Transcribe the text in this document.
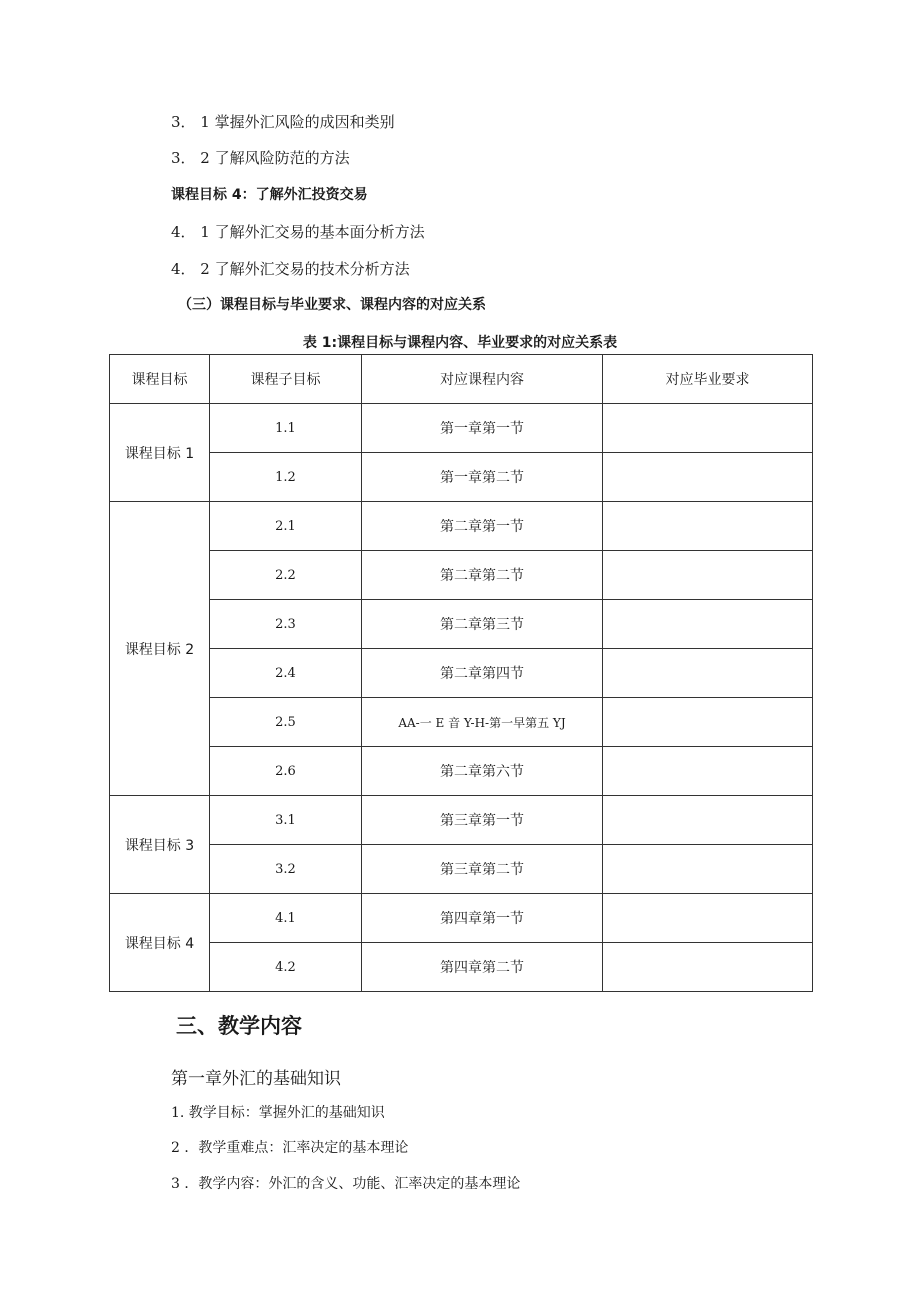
3． 1 掌握外汇风险的成因和类别
3． 2 了解风险防范的方法
课程目标 4：了解外汇投资交易
4． 1 了解外汇交易的基本面分析方法
4． 2 了解外汇交易的技术分析方法
（三）课程目标与毕业要求、课程内容的对应关系
表 1:课程目标与课程内容、毕业要求的对应关系表
课程目标	课程子目标	对应课程内容	对应毕业要求
课程目标 1	1.1	第一章第一节	
	1.2	第一章第二节	
课程目标 2	2.1	第二章第一节	
	2.2	第二章第二节	
	2.3	第二章第三节	
	2.4	第二章第四节	
	2.5	AA-一 E 音 Y-H-第一早第五 YJ	
	2.6	第二章第六节	
课程目标 3	3.1	第三章第一节	
	3.2	第三章第二节	
课程目标 4	4.1	第四章第一节	
	4.2	第四章第二节	
三、教学内容
第一章外汇的基础知识
1. 教学目标：掌握外汇的基础知识
2 ．教学重难点：汇率决定的基本理论
3 ．教学内容：外汇的含义、功能、汇率决定的基本理论
